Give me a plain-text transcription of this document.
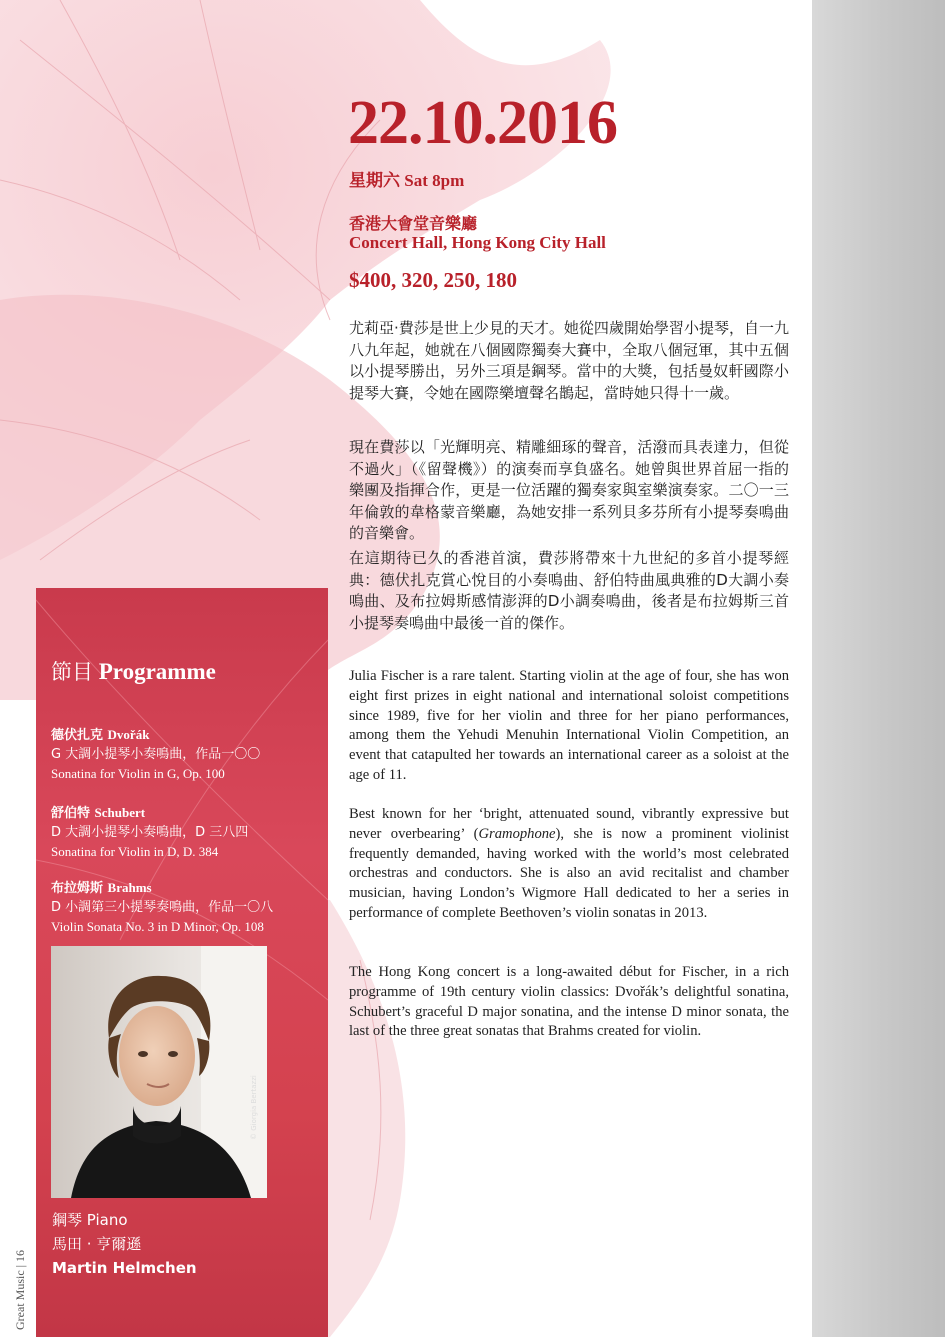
22.10.2016
星期六 Sat 8pm
香港大會堂音樂廳
Concert Hall, Hong Kong City Hall
$400, 320, 250, 180

尤莉亞·費莎是世上少見的天才。她從四歲開始學習小提琴，自一九八九年起，她就在八個國際獨奏大賽中，全取八個冠軍，其中五個以小提琴勝出，另外三項是鋼琴。當中的大獎，包括曼奴軒國際小提琴大賽，令她在國際樂壇聲名鵲起，當時她只得十一歲。

現在費莎以「光輝明亮、精雕細琢的聲音，活潑而具表達力，但從不過火」（《留聲機》）的演奏而享負盛名。她曾與世界首屈一指的樂團及指揮合作，更是一位活躍的獨奏家與室樂演奏家。二〇一三年倫敦的韋格蒙音樂廳，為她安排一系列貝多芬所有小提琴奏鳴曲的音樂會。

在這期待已久的香港首演，費莎將帶來十九世紀的多首小提琴經典：德伏扎克賞心悅目的小奏鳴曲、舒伯特曲風典雅的D大調小奏鳴曲、及布拉姆斯感情澎湃的D小調奏鳴曲，後者是布拉姆斯三首小提琴奏鳴曲中最後一首的傑作。

Julia Fischer is a rare talent. Starting violin at the age of four, she has won eight first prizes in eight national and international soloist competitions since 1989, five for her violin and three for her piano performances, among them the Yehudi Menuhin International Violin Competition, an event that catapulted her towards an international career as a soloist at the age of 11.

Best known for her ‘bright, attenuated sound, vibrantly expressive but never overbearing’ (Gramophone), she is now a prominent violinist frequently demanded, having worked with the world’s most celebrated orchestras and conductors. She is also an avid recitalist and chamber musician, having London’s Wigmore Hall dedicated to her a series in performance of complete Beethoven’s violin sonatas in 2013.

The Hong Kong concert is a long-awaited début for Fischer, in a rich programme of 19th century violin classics: Dvořák’s delightful sonatina, Schubert’s graceful D major sonatina, and the intense D minor sonata, the last of the three great sonatas that Brahms created for violin.

節目 Programme
德伏扎克 Dvořák
G 大調小提琴小奏鳴曲，作品一〇〇
Sonatina for Violin in G, Op. 100
舒伯特 Schubert
D 大調小提琴小奏鳴曲，D 三八四
Sonatina for Violin in D, D. 384
布拉姆斯 Brahms
D 小調第三小提琴奏鳴曲，作品一〇八
Violin Sonata No. 3 in D Minor, Op. 108
© Giorgia Bertazzi
鋼琴 Piano
馬田 · 亨爾遜
Martin Helmchen
Great Music | 16
